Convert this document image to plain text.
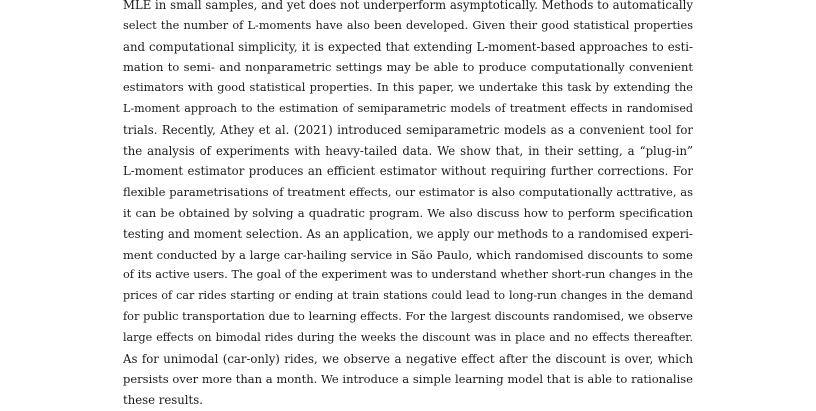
MLE in small samples, and yet does not underperform asymptotically. Methods to automatically
select the number of L-moments have also been developed. Given their good statistical properties
and computational simplicity, it is expected that extending L-moment-based approaches to esti-
mation to semi- and nonparametric settings may be able to produce computationally convenient
estimators with good statistical properties. In this paper, we undertake this task by extending the
L-moment approach to the estimation of semiparametric models of treatment effects in randomised
trials. Recently, Athey et al. (2021) introduced semiparametric models as a convenient tool for
the analysis of experiments with heavy-tailed data. We show that, in their setting, a “plug-in”
L-moment estimator produces an efficient estimator without requiring further corrections. For
flexible parametrisations of treatment effects, our estimator is also computationally acttrative, as
it can be obtained by solving a quadratic program. We also discuss how to perform specification
testing and moment selection. As an application, we apply our methods to a randomised experi-
ment conducted by a large car-hailing service in São Paulo, which randomised discounts to some
of its active users. The goal of the experiment was to understand whether short-run changes in the
prices of car rides starting or ending at train stations could lead to long-run changes in the demand
for public transportation due to learning effects. For the largest discounts randomised, we observe
large effects on bimodal rides during the weeks the discount was in place and no effects thereafter.
As for unimodal (car-only) rides, we observe a negative effect after the discount is over, which
persists over more than a month. We introduce a simple learning model that is able to rationalise
these results.
